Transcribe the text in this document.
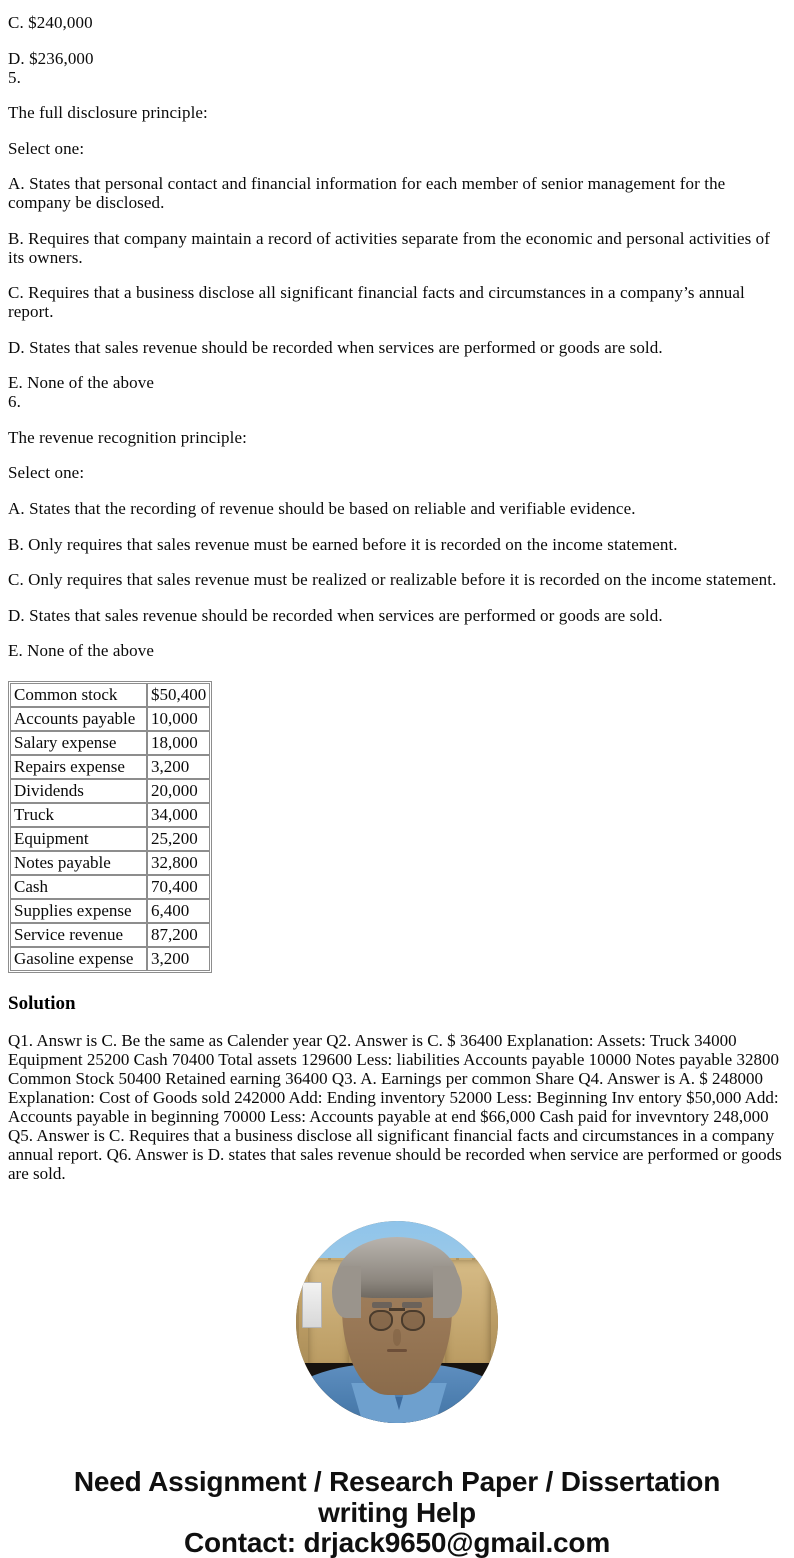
C. $240,000

D. $236,000

5.

The full disclosure principle:

Select one:

A. States that personal contact and financial information for each member of senior management for the company be disclosed.

B. Requires that company maintain a record of activities separate from the economic and personal activities of its owners.

C. Requires that a business disclose all significant financial facts and circumstances in a company’s annual report.

D. States that sales revenue should be recorded when services are performed or goods are sold.

E. None of the above

6.

The revenue recognition principle:

Select one:

A. States that the recording of revenue should be based on reliable and verifiable evidence.

B. Only requires that sales revenue must be earned before it is recorded on the income statement.

C. Only requires that sales revenue must be realized or realizable before it is recorded on the income statement.

D. States that sales revenue should be recorded when services are performed or goods are sold.

E. None of the above

Common stock	$50,400
Accounts payable	10,000
Salary expense	18,000
Repairs expense	3,200
Dividends	20,000
Truck	34,000
Equipment	25,200
Notes payable	32,800
Cash	70,400
Supplies expense	6,400
Service revenue	87,200
Gasoline expense	3,200
Solution

Q1. Answr is C. Be the same as Calender year Q2. Answer is C. $ 36400 Explanation: Assets: Truck 34000 Equipment 25200 Cash 70400 Total assets 129600 Less: liabilities Accounts payable 10000 Notes payable 32800 Common Stock 50400 Retained earning 36400 Q3. A. Earnings per common Share Q4. Answer is A. $ 248000 Explanation: Cost of Goods sold 242000 Add: Ending inventory 52000 Less: Beginning Inv entory $50,000 Add: Accounts payable in beginning 70000 Less: Accounts payable at end $66,000 Cash paid for invevntory 248,000 Q5. Answer is C. Requires that a business disclose all significant financial facts and circumstances in a company annual report. Q6. Answer is D. states that sales revenue should be recorded when service are performed or goods are sold.

Need Assignment / Research Paper / Dissertation
writing Help
Contact: drjack9650@gmail.com
